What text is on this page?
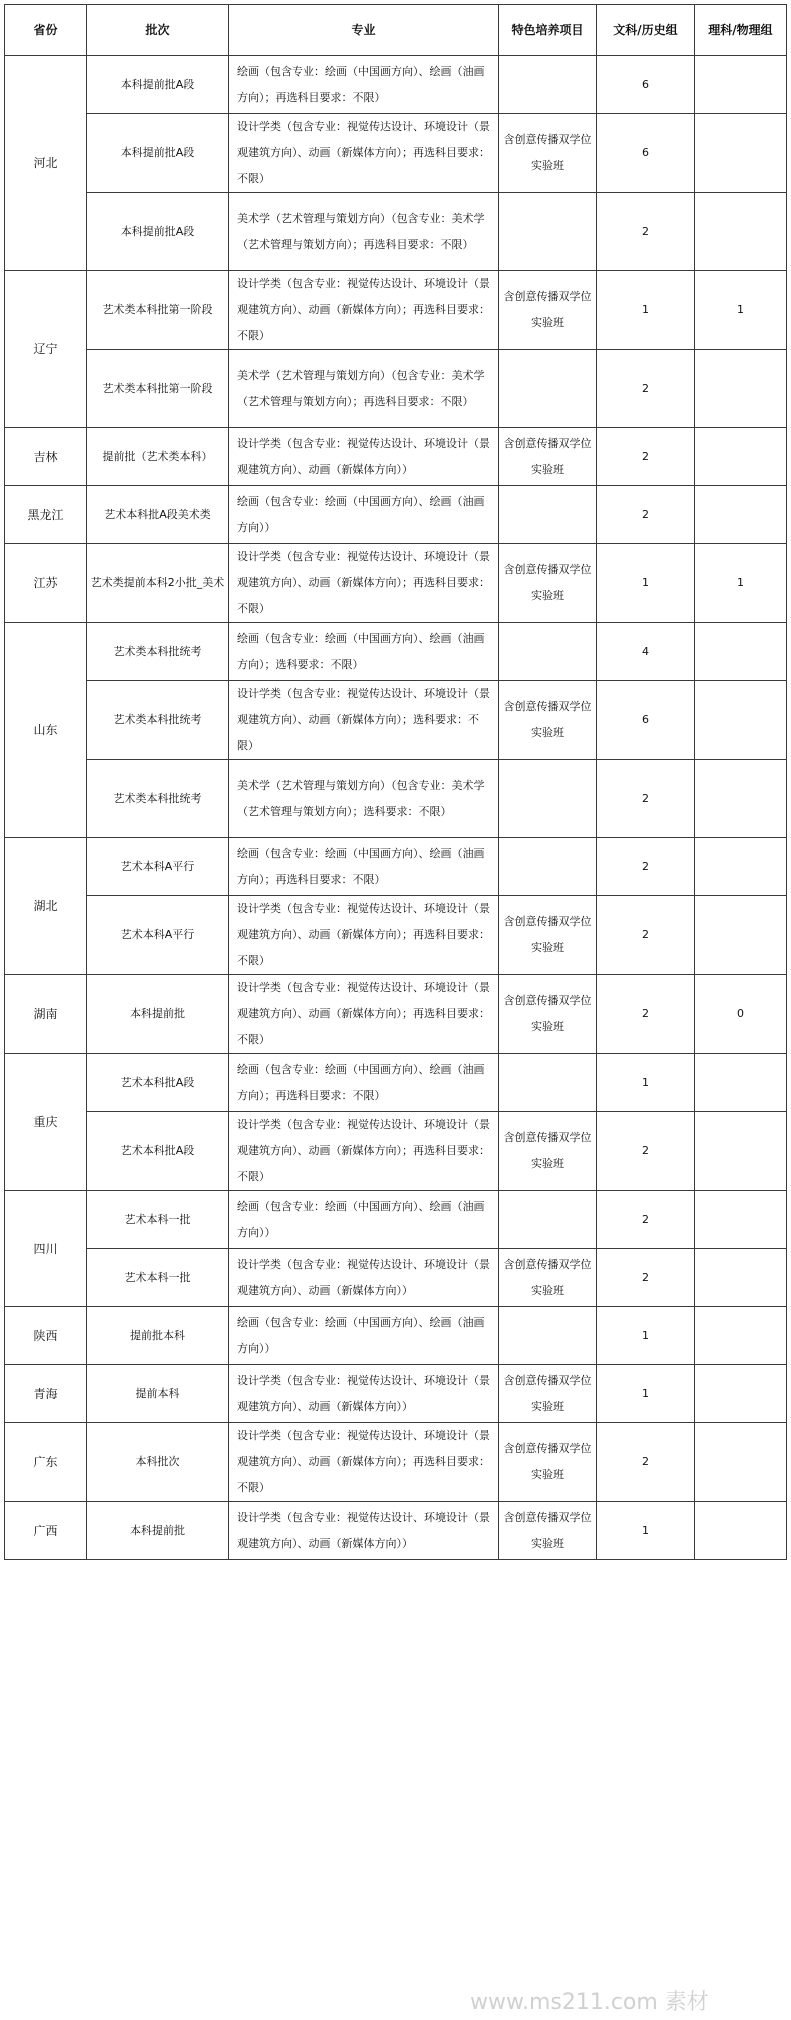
省份	批次	专业	特色培养项目	文科/历史组	理科/物理组
河北	本科提前批A段	绘画（包含专业：绘画（中国画方向）、绘画（油画方向）；再选科目要求：不限）		6	
	本科提前批A段	设计学类（包含专业：视觉传达设计、环境设计（景观建筑方向）、动画（新媒体方向）；再选科目要求：不限）	含创意传播双学位实验班	6	
	本科提前批A段	美术学（艺术管理与策划方向）（包含专业：美术学（艺术管理与策划方向）；再选科目要求：不限）		2	
辽宁	艺术类本科批第一阶段	设计学类（包含专业：视觉传达设计、环境设计（景观建筑方向）、动画（新媒体方向）；再选科目要求：不限）	含创意传播双学位实验班	1	1
	艺术类本科批第一阶段	美术学（艺术管理与策划方向）（包含专业：美术学（艺术管理与策划方向）；再选科目要求：不限）		2	
吉林	提前批（艺术类本科）	设计学类（包含专业：视觉传达设计、环境设计（景观建筑方向）、动画（新媒体方向））	含创意传播双学位实验班	2	
黑龙江	艺术本科批A段美术类	绘画（包含专业：绘画（中国画方向）、绘画（油画方向））		2	
江苏	艺术类提前本科2小批_美术	设计学类（包含专业：视觉传达设计、环境设计（景观建筑方向）、动画（新媒体方向）；再选科目要求：不限）	含创意传播双学位实验班	1	1
山东	艺术类本科批统考	绘画（包含专业：绘画（中国画方向）、绘画（油画方向）；选科要求：不限）		4	
	艺术类本科批统考	设计学类（包含专业：视觉传达设计、环境设计（景观建筑方向）、动画（新媒体方向）；选科要求：不限）	含创意传播双学位实验班	6	
	艺术类本科批统考	美术学（艺术管理与策划方向）（包含专业：美术学（艺术管理与策划方向）；选科要求：不限）		2	
湖北	艺术本科A平行	绘画（包含专业：绘画（中国画方向）、绘画（油画方向）；再选科目要求：不限）		2	
	艺术本科A平行	设计学类（包含专业：视觉传达设计、环境设计（景观建筑方向）、动画（新媒体方向）；再选科目要求：不限）	含创意传播双学位实验班	2	
湖南	本科提前批	设计学类（包含专业：视觉传达设计、环境设计（景观建筑方向）、动画（新媒体方向）；再选科目要求：不限）	含创意传播双学位实验班	2	0
重庆	艺术本科批A段	绘画（包含专业：绘画（中国画方向）、绘画（油画方向）；再选科目要求：不限）		1	
	艺术本科批A段	设计学类（包含专业：视觉传达设计、环境设计（景观建筑方向）、动画（新媒体方向）；再选科目要求：不限）	含创意传播双学位实验班	2	
四川	艺术本科一批	绘画（包含专业：绘画（中国画方向）、绘画（油画方向））		2	
	艺术本科一批	设计学类（包含专业：视觉传达设计、环境设计（景观建筑方向）、动画（新媒体方向））	含创意传播双学位实验班	2	
陕西	提前批本科	绘画（包含专业：绘画（中国画方向）、绘画（油画方向））		1	
青海	提前本科	设计学类（包含专业：视觉传达设计、环境设计（景观建筑方向）、动画（新媒体方向））	含创意传播双学位实验班	1	
广东	本科批次	设计学类（包含专业：视觉传达设计、环境设计（景观建筑方向）、动画（新媒体方向）；再选科目要求：不限）	含创意传播双学位实验班	2	
广西	本科提前批	设计学类（包含专业：视觉传达设计、环境设计（景观建筑方向）、动画（新媒体方向））	含创意传播双学位实验班	1	
www.ms211.com 素材
